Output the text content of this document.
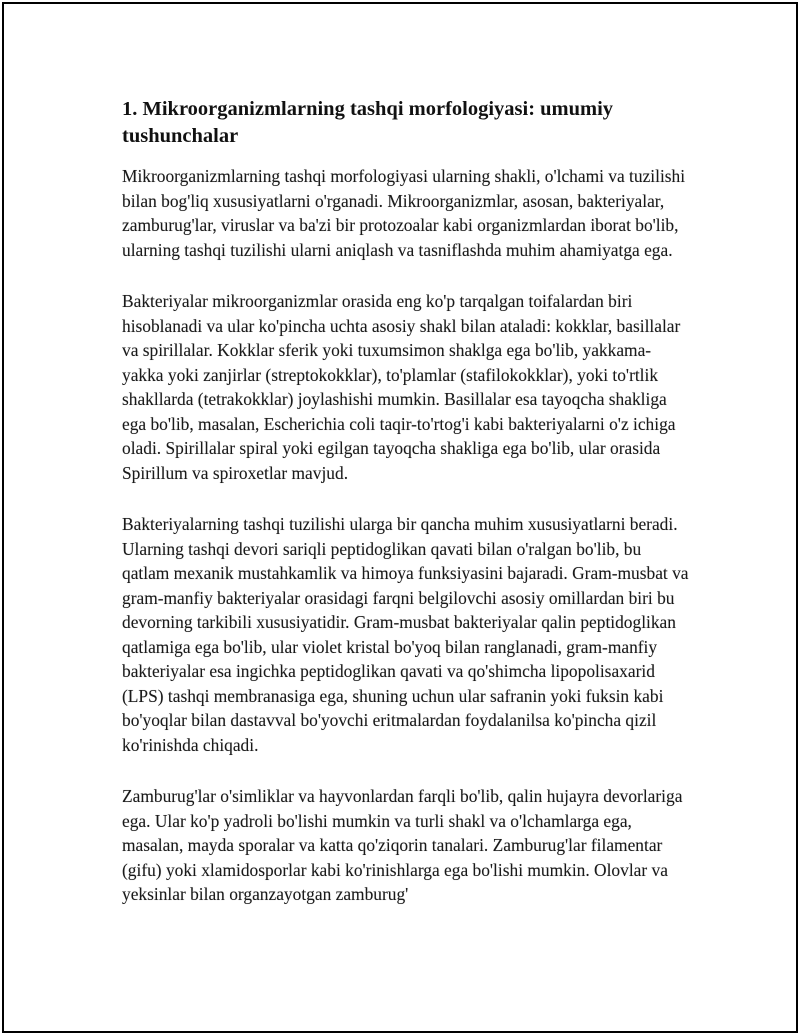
1. Mikroorganizmlarning tashqi morfologiyasi: umumiy tushunchalar

Mikroorganizmlarning tashqi morfologiyasi ularning shakli, o'lchami va tuzilishi bilan bog'liq xususiyatlarni o'rganadi. Mikroorganizmlar, asosan, bakteriyalar, zamburug'lar, viruslar va ba'zi bir protozoalar kabi organizmlardan iborat bo'lib, ularning tashqi tuzilishi ularni aniqlash va tasniflashda muhim ahamiyatga ega.

Bakteriyalar mikroorganizmlar orasida eng ko'p tarqalgan toifalardan biri hisoblanadi va ular ko'pincha uchta asosiy shakl bilan ataladi: kokklar, basillalar va spirillalar. Kokklar sferik yoki tuxumsimon shaklga ega bo'lib, yakkama-yakka yoki zanjirlar (streptokokklar), to'plamlar (stafilokokklar), yoki to'rtlik shakllarda (tetrakokklar) joylashishi mumkin. Basillalar esa tayoqcha shakliga ega bo'lib, masalan, Escherichia coli taqir-to'rtog'i kabi bakteriyalarni o'z ichiga oladi. Spirillalar spiral yoki egilgan tayoqcha shakliga ega bo'lib, ular orasida Spirillum va spiroxetlar mavjud.

Bakteriyalarning tashqi tuzilishi ularga bir qancha muhim xususiyatlarni beradi. Ularning tashqi devori sariqli peptidoglikan qavati bilan o'ralgan bo'lib, bu qatlam mexanik mustahkamlik va himoya funksiyasini bajaradi. Gram-musbat va gram-manfiy bakteriyalar orasidagi farqni belgilovchi asosiy omillardan biri bu devorning tarkibili xususiyatidir. Gram-musbat bakteriyalar qalin peptidoglikan qatlamiga ega bo'lib, ular violet kristal bo'yoq bilan ranglanadi, gram-manfiy bakteriyalar esa ingichka peptidoglikan qavati va qo'shimcha lipopolisaxarid (LPS) tashqi membranasiga ega, shuning uchun ular safranin yoki fuksin kabi bo'yoqlar bilan dastavval bo'yovchi eritmalardan foydalanilsa ko'pincha qizil ko'rinishda chiqadi.

Zamburug'lar o'simliklar va hayvonlardan farqli bo'lib, qalin hujayra devorlariga ega. Ular ko'p yadroli bo'lishi mumkin va turli shakl va o'lchamlarga ega, masalan, mayda sporalar va katta qo'ziqorin tanalari. Zamburug'lar filamentar (gifu) yoki xlamidosporlar kabi ko'rinishlarga ega bo'lishi mumkin. Olovlar va yeksinlar bilan organzayotgan zamburug'
